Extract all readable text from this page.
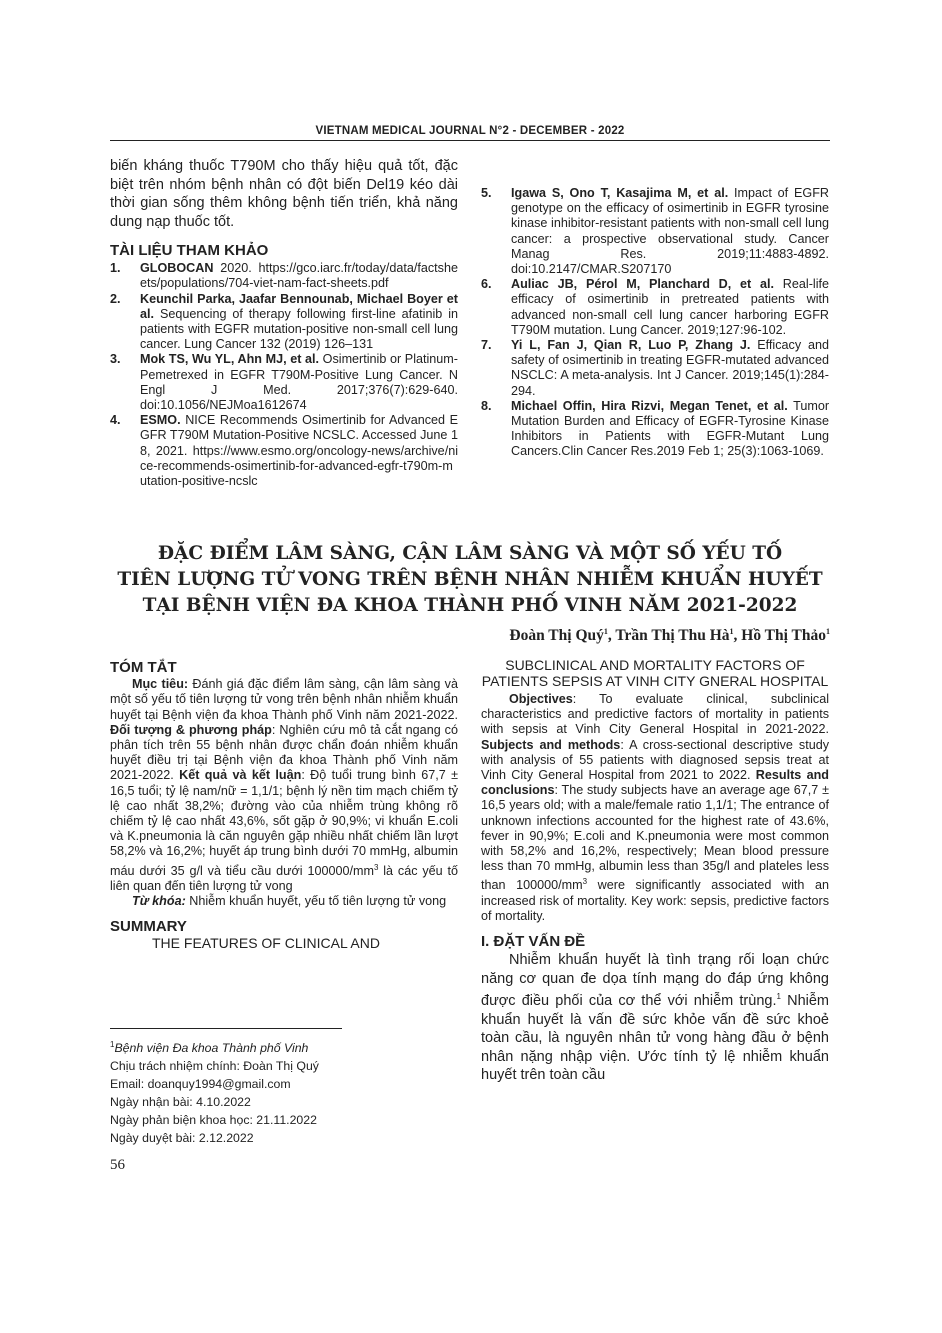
VIETNAM MEDICAL JOURNAL N°2 - DECEMBER - 2022

biến kháng thuốc T790M cho thấy hiệu quả tốt, đặc biệt trên nhóm bệnh nhân có đột biến Del19 kéo dài thời gian sống thêm không bệnh tiến triển, khả năng dung nạp thuốc tốt.

TÀI LIỆU THAM KHẢO
1. GLOBOCAN 2020. https://gco.iarc.fr/today/data/factsheets/populations/704-viet-nam-fact-sheets.pdf
2. Keunchil Parka, Jaafar Bennounab, Michael Boyer et al. Sequencing of therapy following first-line afatinib in patients with EGFR mutation-positive non-small cell lung cancer. Lung Cancer 132 (2019) 126–131
3. Mok TS, Wu YL, Ahn MJ, et al. Osimertinib or Platinum-Pemetrexed in EGFR T790M-Positive Lung Cancer. N Engl J Med. 2017;376(7):629-640. doi:10.1056/NEJMoa1612674
4. ESMO. NICE Recommends Osimertinib for Advanced EGFR T790M Mutation-Positive NCSLC. Accessed June 18, 2021. https://www.esmo.org/oncology-news/archive/nice-recommends-osimertinib-for-advanced-egfr-t790m-mutation-positive-ncslc
5. Igawa S, Ono T, Kasajima M, et al. Impact of EGFR genotype on the efficacy of osimertinib in EGFR tyrosine kinase inhibitor-resistant patients with non-small cell lung cancer: a prospective observational study. Cancer Manag Res. 2019;11:4883-4892. doi:10.2147/CMAR.S207170
6. Auliac JB, Pérol M, Planchard D, et al. Real-life efficacy of osimertinib in pretreated patients with advanced non-small cell lung cancer harboring EGFR T790M mutation. Lung Cancer. 2019;127:96-102.
7. Yi L, Fan J, Qian R, Luo P, Zhang J. Efficacy and safety of osimertinib in treating EGFR-mutated advanced NSCLC: A meta-analysis. Int J Cancer. 2019;145(1):284-294.
8. Michael Offin, Hira Rizvi, Megan Tenet, et al. Tumor Mutation Burden and Efficacy of EGFR-Tyrosine Kinase Inhibitors in Patients with EGFR-Mutant Lung Cancers.Clin Cancer Res.2019 Feb 1; 25(3):1063-1069.
ĐẶC ĐIỂM LÂM SÀNG, CẬN LÂM SÀNG VÀ MỘT SỐ YẾU TỐ
TIÊN LƯỢNG TỬ VONG TRÊN BỆNH NHÂN NHIỄM KHUẨN HUYẾT
TẠI BỆNH VIỆN ĐA KHOA THÀNH PHỐ VINH NĂM 2021-2022
Đoàn Thị Quý$^1$, Trần Thị Thu $Hà^1$, Hồ Thị Thảo$^1$
TÓM TẮT

Mục tiêu: Đánh giá đặc điểm lâm sàng, cận lâm sàng và một số yếu tố tiên lượng tử vong trên bệnh nhân nhiễm khuẩn huyết tại Bệnh viện đa khoa Thành phố Vinh năm 2021-2022. Đối tượng & phương pháp: Nghiên cứu mô tả cắt ngang có phân tích trên 55 bệnh nhân được chẩn đoán nhiễm khuẩn huyết điều trị tại Bệnh viện đa khoa Thành phố Vinh năm 2021-2022. Kết quả và kết luận: Độ tuổi trung bình 67,7 ± 16,5 tuổi; tỷ lệ nam/nữ = 1,1/1; bệnh lý nền tim mạch chiếm tỷ lệ cao nhất 38,2%; đường vào của nhiễm trùng không rõ chiếm tỷ lệ cao nhất 43,6%, sốt gặp ở 90,9%; vi khuẩn E.coli và K.pneumonia là căn nguyên gặp nhiều nhất chiếm lần lượt 58,2% và 16,2%; huyết áp trung bình dưới 70 mmHg, albumin máu dưới 35 g/l và tiểu cầu dưới $100000/mm^3$ là các yếu tố liên quan đến tiên lượng tử vong

Từ khóa: Nhiễm khuẩn huyết, yếu tố tiên lượng tử vong

SUMMARY
THE FEATURES OF CLINICAL AND
$^1$Bệnh viện Đa khoa Thành phố Vinh
Chịu trách nhiệm chính: Đoàn Thị Quý
Email: doanquy1994@gmail.com
Ngày nhận bài: 4.10.2022
Ngày phản biện khoa học: 21.11.2022
Ngày duyệt bài: 2.12.2022
SUBCLINICAL AND MORTALITY FACTORS OF PATIENTS SEPSIS AT VINH CITY GNERAL HOSPITAL

Objectives: To evaluate clinical, subclinical characteristics and predictive factors of mortality in patients with sepsis at Vinh City General Hospital in 2021-2022. Subjects and methods: A cross-sectional descriptive study with analysis of 55 patients with diagnosed sepsis treat at Vinh City General Hospital from 2021 to 2022. Results and conclusions: The study subjects have an average age 67,7 ± 16,5 years old; with a male/female ratio 1,1/1; The entrance of unknown infections accounted for the highest rate of 43.6%, fever in 90,9%; E.coli and K.pneumonia were most common with 58,2% and 16,2%, respectively; Mean blood pressure less than 70 mmHg, albumin less than 35g/l and plateles less than $100000/mm^3$ were significantly associated with an increased risk of mortality. Key work: sepsis, predictive factors of mortality.

I. ĐẶT VẤN ĐỀ

Nhiễm khuẩn huyết là tình trạng rối loạn chức năng cơ quan đe dọa tính mạng do đáp ứng không được điều phối của cơ thể với nhiễm trùng.$^1$ Nhiễm khuẩn huyết là vấn đề sức khỏe vấn đề sức khoẻ toàn cầu, là nguyên nhân tử vong hàng đầu ở bệnh nhân nặng nhập viện. Ước tính tỷ lệ nhiễm khuẩn huyết trên toàn cầu

56
